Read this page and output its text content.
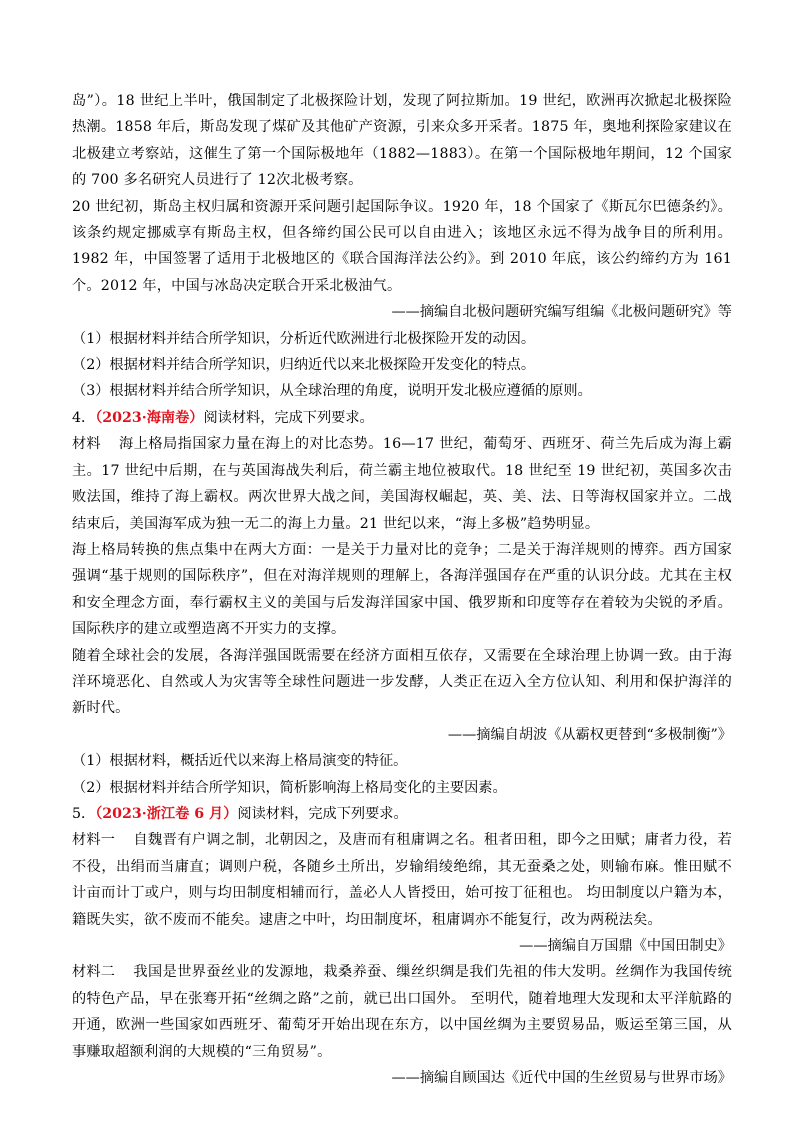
岛”）。18 世纪上半叶，俄国制定了北极探险计划，发现了阿拉斯加。19 世纪，欧洲再次掀起北极探险热潮。1858 年后，斯岛发现了煤矿及其他矿产资源，引来众多开采者。1875 年，奥地利探险家建议在北极建立考察站，这催生了第一个国际极地年（1882—1883）。在第一个国际极地年期间，12 个国家的 700 多名研究人员进行了 12次北极考察。

20 世纪初，斯岛主权归属和资源开采问题引起国际争议。1920 年，18 个国家了《斯瓦尔巴德条约》。该条约规定挪威享有斯岛主权，但各缔约国公民可以自由进入；该地区永远不得为战争目的所利用。1982 年，中国签署了适用于北极地区的《联合国海洋法公约》。到 2010 年底，该公约缔约方为 161 个。2012 年，中国与冰岛决定联合开采北极油气。

——摘编自北极问题研究编写组编《北极问题研究》等

（1）根据材料并结合所学知识，分析近代欧洲进行北极探险开发的动因。

（2）根据材料并结合所学知识，归纳近代以来北极探险开发变化的特点。

（3）根据材料并结合所学知识，从全球治理的角度，说明开发北极应遵循的原则。

4．（2023·海南卷）阅读材料，完成下列要求。

材料 海上格局指国家力量在海上的对比态势。16—17 世纪，葡萄牙、西班牙、荷兰先后成为海上霸主。17 世纪中后期，在与英国海战失利后，荷兰霸主地位被取代。18 世纪至 19 世纪初，英国多次击败法国，维持了海上霸权。两次世界大战之间，美国海权崛起，英、美、法、日等海权国家并立。二战结束后，美国海军成为独一无二的海上力量。21 世纪以来，“海上多极”趋势明显。

海上格局转换的焦点集中在两大方面：一是关于力量对比的竞争；二是关于海洋规则的博弈。西方国家强调“基于规则的国际秩序”，但在对海洋规则的理解上，各海洋强国存在严重的认识分歧。尤其在主权和安全理念方面，奉行霸权主义的美国与后发海洋国家中国、俄罗斯和印度等存在着较为尖锐的矛盾。国际秩序的建立或塑造离不开实力的支撑。

随着全球社会的发展，各海洋强国既需要在经济方面相互依存，又需要在全球治理上协调一致。由于海洋环境恶化、自然或人为灾害等全球性问题进一步发酵，人类正在迈入全方位认知、利用和保护海洋的新时代。

——摘编自胡波《从霸权更替到“多极制衡”》

（1）根据材料，概括近代以来海上格局演变的特征。

（2）根据材料并结合所学知识，简析影响海上格局变化的主要因素。

5．（2023·浙江卷 6 月）阅读材料，完成下列要求。

材料一 自魏晋有户调之制，北朝因之，及唐而有租庸调之名。租者田租，即今之田赋；庸者力役，若不役，出绢而当庸直；调则户税，各随乡土所出，岁输绢绫绝绵，其无蚕桑之处，则输布麻。惟田赋不计亩而计丁或户，则与均田制度相辅而行，盖必人人皆授田，始可按丁征租也。 均田制度以户籍为本，籍既失实，欲不废而不能矣。逮唐之中叶，均田制度坏，租庸调亦不能复行，改为两税法矣。

——摘编自万国鼎《中国田制史》

材料二 我国是世界蚕丝业的发源地，栽桑养蚕、缫丝织绸是我们先祖的伟大发明。丝绸作为我国传统的特色产品，早在张骞开拓“丝绸之路”之前，就已出口国外。 至明代，随着地理大发现和太平洋航路的开通，欧洲一些国家如西班牙、葡萄牙开始出现在东方，以中国丝绸为主要贸易品，贩运至第三国，从事赚取超额利润的大规模的“三角贸易”。

——摘编自顾国达《近代中国的生丝贸易与世界市场》
